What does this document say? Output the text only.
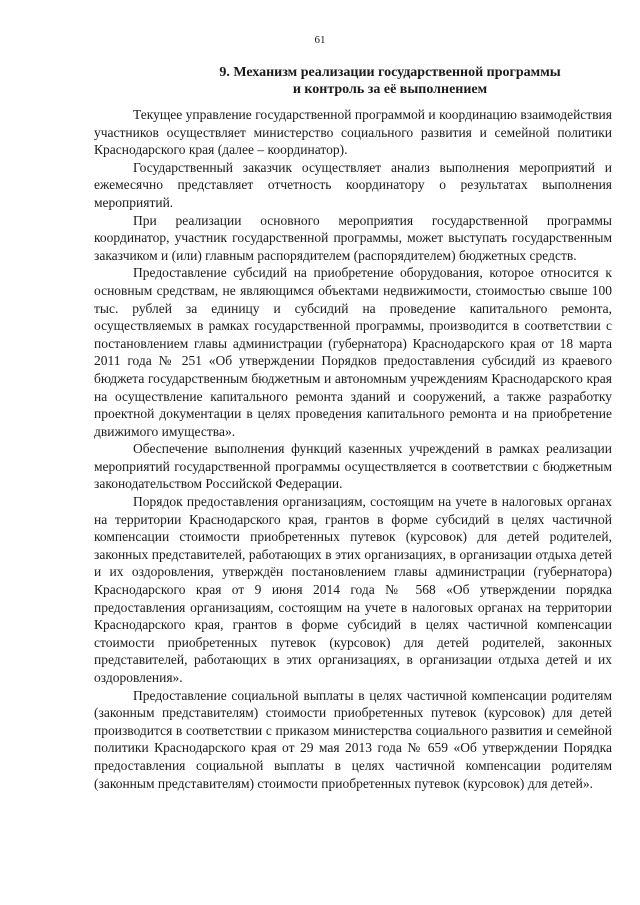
61
9. Механизм реализации государственной программы
и контроль за её выполнением

Текущее управление государственной программой и координацию взаимодействия участников осуществляет министерство социального развития и семейной политики Краснодарского края (далее – координатор).

Государственный заказчик осуществляет анализ выполнения мероприятий и ежемесячно представляет отчетность координатору о результатах выполнения мероприятий.

При реализации основного мероприятия государственной программы координатор, участник государственной программы, может выступать государственным заказчиком и (или) главным распорядителем (распорядителем) бюджетных средств.

Предоставление субсидий на приобретение оборудования, которое относится к основным средствам, не являющимся объектами недвижимости, стоимостью свыше 100 тыс. рублей за единицу и субсидий на проведение капитального ремонта, осуществляемых в рамках государственной программы, производится в соответствии с постановлением главы администрации (губернатора) Краснодарского края от 18 марта 2011 года № 251 «Об утверждении Порядков предоставления субсидий из краевого бюджета государственным бюджетным и автономным учреждениям Краснодарского края на осуществление капитального ремонта зданий и сооружений, а также разработку проектной документации в целях проведения капитального ремонта и на приобретение движимого имущества».

Обеспечение выполнения функций казенных учреждений в рамках реализации мероприятий государственной программы осуществляется в соответствии с бюджетным законодательством Российской Федерации.

Порядок предоставления организациям, состоящим на учете в налоговых органах на территории Краснодарского края, грантов в форме субсидий в целях частичной компенсации стоимости приобретенных путевок (курсовок) для детей родителей, законных представителей, работающих в этих организациях, в организации отдыха детей и их оздоровления, утверждён постановлением главы администрации (губернатора) Краснодарского края от 9 июня 2014 года № 568 «Об утверждении порядка предоставления организациям, состоящим на учете в налоговых органах на территории Краснодарского края, грантов в форме субсидий в целях частичной компенсации стоимости приобретенных путевок (курсовок) для детей родителей, законных представителей, работающих в этих организациях, в организации отдыха детей и их оздоровления».

Предоставление социальной выплаты в целях частичной компенсации родителям (законным представителям) стоимости приобретенных путевок (курсовок) для детей производится в соответствии с приказом министерства социального развития и семейной политики Краснодарского края от 29 мая 2013 года № 659 «Об утверждении Порядка предоставления социальной выплаты в целях частичной компенсации родителям (законным представителям) стоимости приобретенных путевок (курсовок) для детей».
